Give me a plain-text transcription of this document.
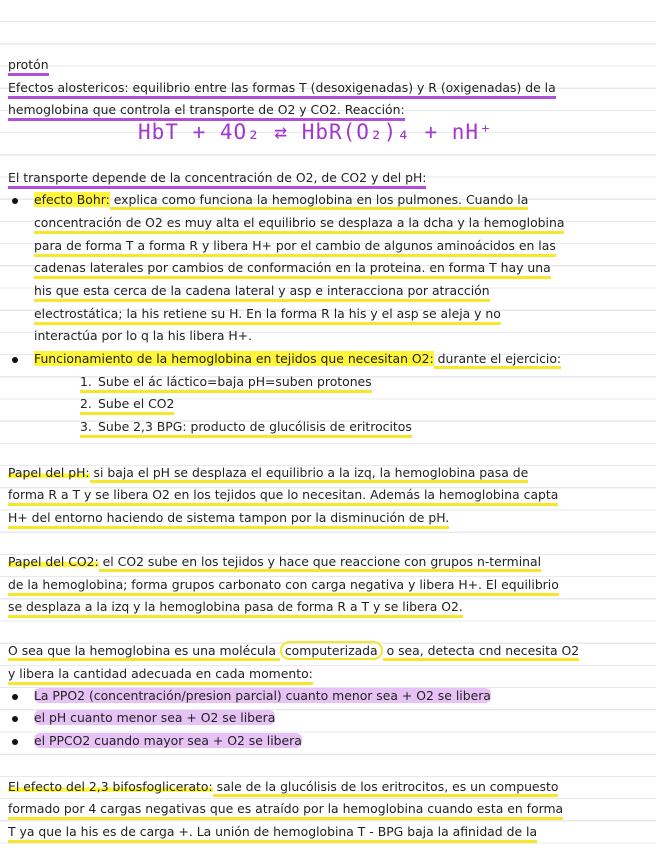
protón
Efectos alostericos: equilibrio entre las formas T (desoxigenadas) y R (oxigenadas) de la
hemoglobina que controla el transporte de O2 y CO2. Reacción:
HbT + 4O₂ ⇄ HbR(O₂)₄ + nH⁺
El transporte depende de la concentración de O2, de CO2 y del pH:
efecto Bohr: explica como funciona la hemoglobina en los pulmones. Cuando la
concentración de O2 es muy alta el equilibrio se desplaza a la dcha y la hemoglobina
para de forma T a forma R y libera H+ por el cambio de algunos aminoácidos en las
cadenas laterales por cambios de conformación en la proteina. en forma T hay una
his que esta cerca de la cadena lateral y asp e interacciona por atracción
electrostática; la his retiene su H. En la forma R la his y el asp se aleja y no
interactúa por lo q la his libera H+.
Funcionamiento de la hemoglobina en tejidos que necesitan O2: durante el ejercicio:
1. Sube el ác láctico=baja pH=suben protones
2. Sube el CO2
3. Sube 2,3 BPG: producto de glucólisis de eritrocitos
Papel del pH: si baja el pH se desplaza el equilibrio a la izq, la hemoglobina pasa de
forma R a T y se libera O2 en los tejidos que lo necesitan. Además la hemoglobina capta
H+ del entorno haciendo de sistema tampon por la disminución de pH.
Papel del CO2: el CO2 sube en los tejidos y hace que reaccione con grupos n-terminal
de la hemoglobina; forma grupos carbonato con carga negativa y libera H+. El equilibrio
se desplaza a la izq y la hemoglobina pasa de forma R a T y se libera O2.
O sea que la hemoglobina es una molécula computerizada o sea, detecta cnd necesita O2
y libera la cantidad adecuada en cada momento:
La PPO2 (concentración/presion parcial) cuanto menor sea + O2 se libera
el pH cuanto menor sea + O2 se libera
el PPCO2 cuando mayor sea + O2 se libera
El efecto del 2,3 bifosfoglicerato: sale de la glucólisis de los eritrocitos, es un compuesto
formado por 4 cargas negativas que es atraído por la hemoglobina cuando esta en forma
T ya que la his es de carga +. La unión de hemoglobina T - BPG baja la afinidad de la
